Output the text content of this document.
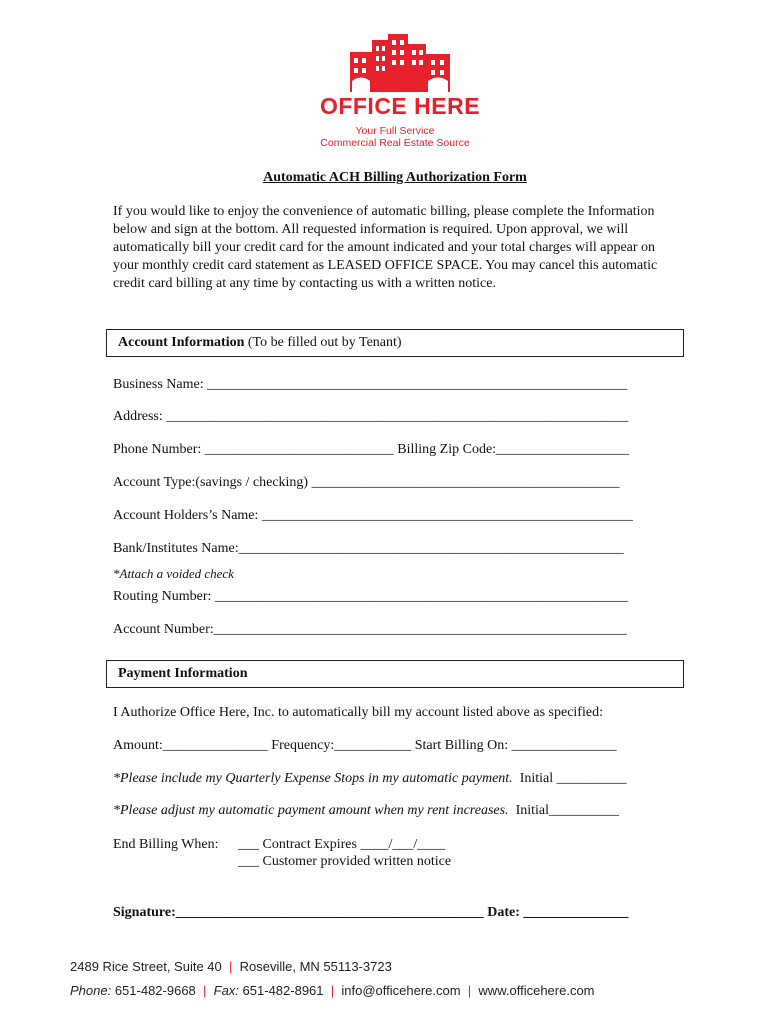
OFFICE HERE
Your Full Service
Commercial Real Estate Source
Automatic ACH Billing Authorization Form

If you would like to enjoy the convenience of automatic billing, please complete the Information below and sign at the bottom. All requested information is required. Upon approval, we will automatically bill your credit card for the amount indicated and your total charges will appear on your monthly credit card statement as LEASED OFFICE SPACE. You may cancel this automatic credit card billing at any time by contacting us with a written notice.

Account Information (To be filled out by Tenant)
Business Name: ____________________________________________________________
Address: __________________________________________________________________
Phone Number: ___________________________ Billing Zip Code:___________________
Account Type:(savings / checking) ____________________________________________
Account Holders’s Name: _____________________________________________________
Bank/Institutes Name:_______________________________________________________
*Attach a voided check
Routing Number: ___________________________________________________________
Account Number:___________________________________________________________
Payment Information
I Authorize Office Here, Inc. to automatically bill my account listed above as specified:
Amount:_______________ Frequency:___________ Start Billing On: _______________
*Please include my Quarterly Expense Stops in my automatic payment.  Initial __________
*Please adjust my automatic payment amount when my rent increases.  Initial__________
End Billing When: ___ Contract Expires ____/___/____
___ Customer provided written notice
Signature:____________________________________________ Date: _______________
2489 Rice Street, Suite 40 | Roseville, MN 55113-3723
Phone: 651-482-9668 | Fax: 651-482-8961 | info@officehere.com | www.officehere.com
